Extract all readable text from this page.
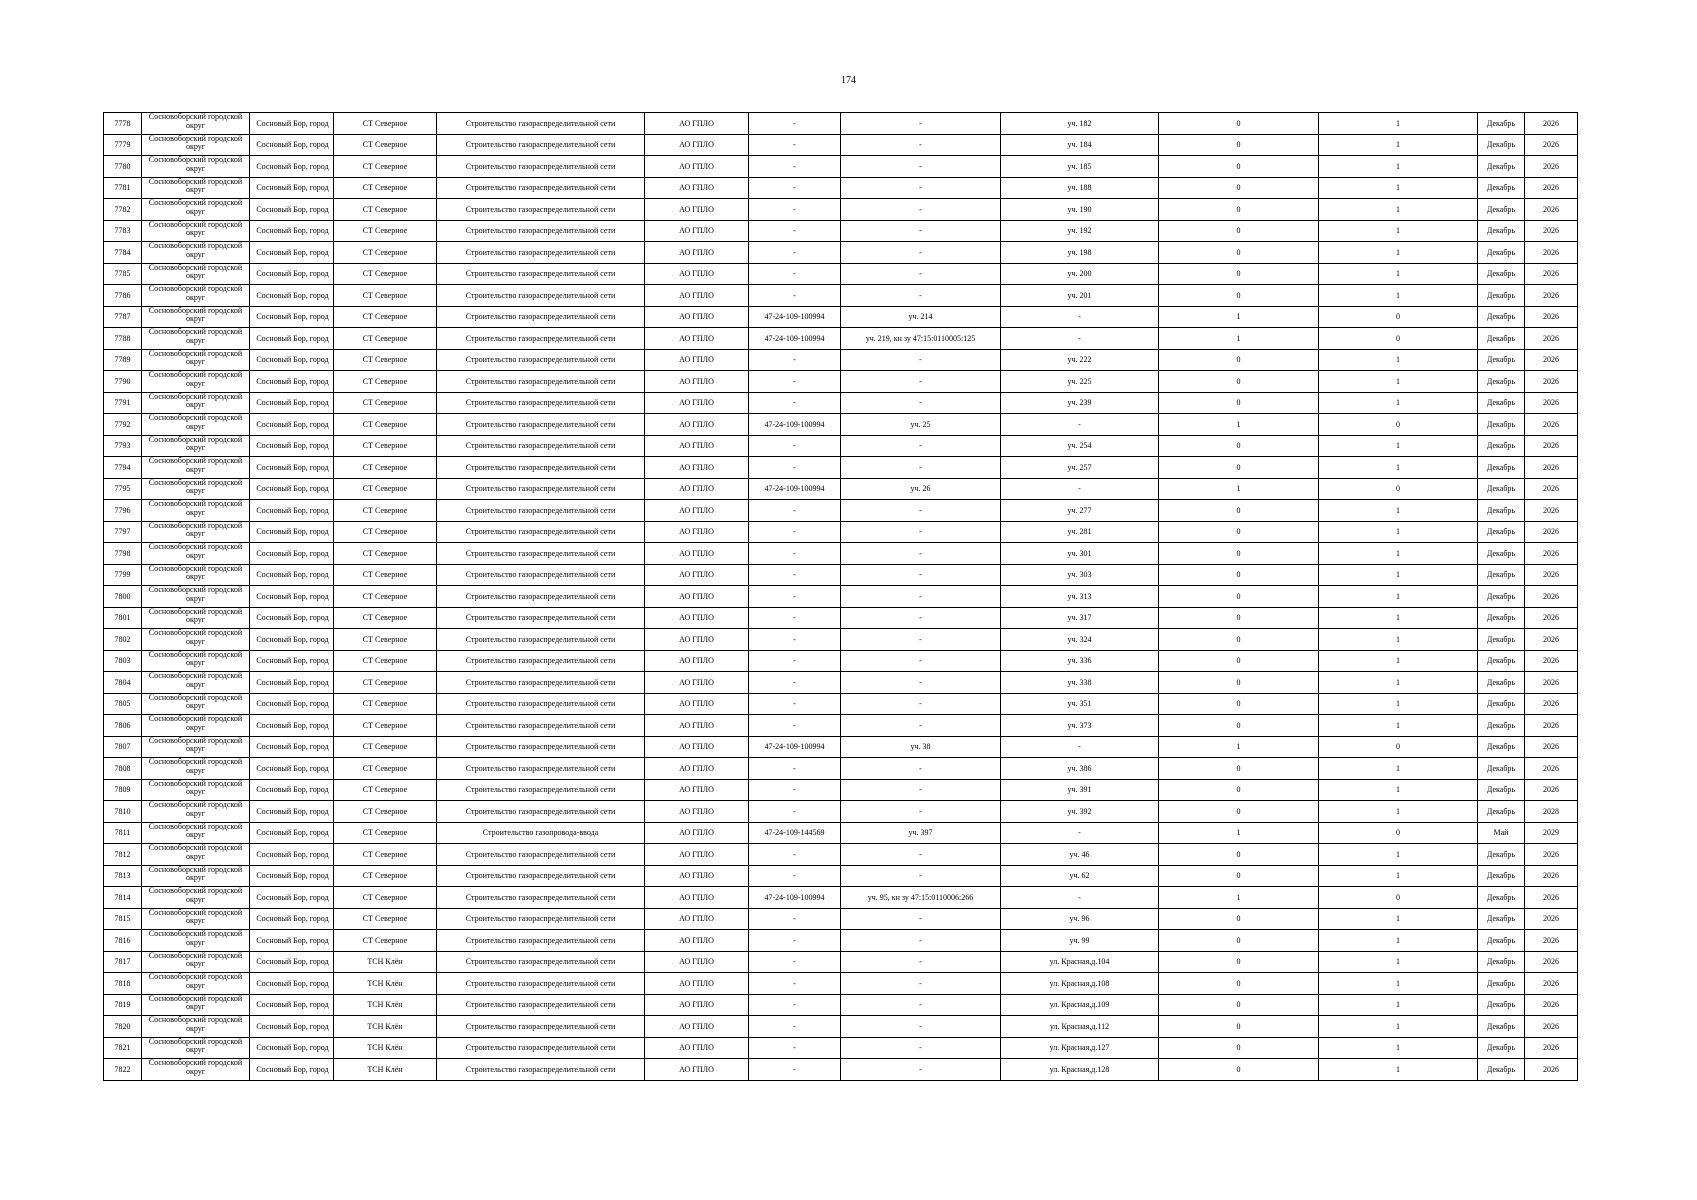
174
7778	Сосновоборский городской округ	Сосновый Бор, город	СТ Северное	Строительство газораспределительной сети	АО ГПЛО	-	-	уч. 182	0	1	Декабрь	2026
7779	Сосновоборский городской округ	Сосновый Бор, город	СТ Северное	Строительство газораспределительной сети	АО ГПЛО	-	-	уч. 184	0	1	Декабрь	2026
7780	Сосновоборский городской округ	Сосновый Бор, город	СТ Северное	Строительство газораспределительной сети	АО ГПЛО	-	-	уч. 185	0	1	Декабрь	2026
7781	Сосновоборский городской округ	Сосновый Бор, город	СТ Северное	Строительство газораспределительной сети	АО ГПЛО	-	-	уч. 188	0	1	Декабрь	2026
7782	Сосновоборский городской округ	Сосновый Бор, город	СТ Северное	Строительство газораспределительной сети	АО ГПЛО	-	-	уч. 190	0	1	Декабрь	2026
7783	Сосновоборский городской округ	Сосновый Бор, город	СТ Северное	Строительство газораспределительной сети	АО ГПЛО	-	-	уч. 192	0	1	Декабрь	2026
7784	Сосновоборский городской округ	Сосновый Бор, город	СТ Северное	Строительство газораспределительной сети	АО ГПЛО	-	-	уч. 198	0	1	Декабрь	2026
7785	Сосновоборский городской округ	Сосновый Бор, город	СТ Северное	Строительство газораспределительной сети	АО ГПЛО	-	-	уч. 200	0	1	Декабрь	2026
7786	Сосновоборский городской округ	Сосновый Бор, город	СТ Северное	Строительство газораспределительной сети	АО ГПЛО	-	-	уч. 201	0	1	Декабрь	2026
7787	Сосновоборский городской округ	Сосновый Бор, город	СТ Северное	Строительство газораспределительной сети	АО ГПЛО	47-24-109-100994	уч. 214	-	1	0	Декабрь	2026
7788	Сосновоборский городской округ	Сосновый Бор, город	СТ Северное	Строительство газораспределительной сети	АО ГПЛО	47-24-109-100994	уч. 219, кн зу 47:15:0110005:125	-	1	0	Декабрь	2026
7789	Сосновоборский городской округ	Сосновый Бор, город	СТ Северное	Строительство газораспределительной сети	АО ГПЛО	-	-	уч. 222	0	1	Декабрь	2026
7790	Сосновоборский городской округ	Сосновый Бор, город	СТ Северное	Строительство газораспределительной сети	АО ГПЛО	-	-	уч. 225	0	1	Декабрь	2026
7791	Сосновоборский городской округ	Сосновый Бор, город	СТ Северное	Строительство газораспределительной сети	АО ГПЛО	-	-	уч. 239	0	1	Декабрь	2026
7792	Сосновоборский городской округ	Сосновый Бор, город	СТ Северное	Строительство газораспределительной сети	АО ГПЛО	47-24-109-100994	уч. 25	-	1	0	Декабрь	2026
7793	Сосновоборский городской округ	Сосновый Бор, город	СТ Северное	Строительство газораспределительной сети	АО ГПЛО	-	-	уч. 254	0	1	Декабрь	2026
7794	Сосновоборский городской округ	Сосновый Бор, город	СТ Северное	Строительство газораспределительной сети	АО ГПЛО	-	-	уч. 257	0	1	Декабрь	2026
7795	Сосновоборский городской округ	Сосновый Бор, город	СТ Северное	Строительство газораспределительной сети	АО ГПЛО	47-24-109-100994	уч. 26	-	1	0	Декабрь	2026
7796	Сосновоборский городской округ	Сосновый Бор, город	СТ Северное	Строительство газораспределительной сети	АО ГПЛО	-	-	уч. 277	0	1	Декабрь	2026
7797	Сосновоборский городской округ	Сосновый Бор, город	СТ Северное	Строительство газораспределительной сети	АО ГПЛО	-	-	уч. 281	0	1	Декабрь	2026
7798	Сосновоборский городской округ	Сосновый Бор, город	СТ Северное	Строительство газораспределительной сети	АО ГПЛО	-	-	уч. 301	0	1	Декабрь	2026
7799	Сосновоборский городской округ	Сосновый Бор, город	СТ Северное	Строительство газораспределительной сети	АО ГПЛО	-	-	уч. 303	0	1	Декабрь	2026
7800	Сосновоборский городской округ	Сосновый Бор, город	СТ Северное	Строительство газораспределительной сети	АО ГПЛО	-	-	уч. 313	0	1	Декабрь	2026
7801	Сосновоборский городской округ	Сосновый Бор, город	СТ Северное	Строительство газораспределительной сети	АО ГПЛО	-	-	уч. 317	0	1	Декабрь	2026
7802	Сосновоборский городской округ	Сосновый Бор, город	СТ Северное	Строительство газораспределительной сети	АО ГПЛО	-	-	уч. 324	0	1	Декабрь	2026
7803	Сосновоборский городской округ	Сосновый Бор, город	СТ Северное	Строительство газораспределительной сети	АО ГПЛО	-	-	уч. 336	0	1	Декабрь	2026
7804	Сосновоборский городской округ	Сосновый Бор, город	СТ Северное	Строительство газораспределительной сети	АО ГПЛО	-	-	уч. 338	0	1	Декабрь	2026
7805	Сосновоборский городской округ	Сосновый Бор, город	СТ Северное	Строительство газораспределительной сети	АО ГПЛО	-	-	уч. 351	0	1	Декабрь	2026
7806	Сосновоборский городской округ	Сосновый Бор, город	СТ Северное	Строительство газораспределительной сети	АО ГПЛО	-	-	уч. 373	0	1	Декабрь	2026
7807	Сосновоборский городской округ	Сосновый Бор, город	СТ Северное	Строительство газораспределительной сети	АО ГПЛО	47-24-109-100994	уч. 38	-	1	0	Декабрь	2026
7808	Сосновоборский городской округ	Сосновый Бор, город	СТ Северное	Строительство газораспределительной сети	АО ГПЛО	-	-	уч. 386	0	1	Декабрь	2026
7809	Сосновоборский городской округ	Сосновый Бор, город	СТ Северное	Строительство газораспределительной сети	АО ГПЛО	-	-	уч. 391	0	1	Декабрь	2026
7810	Сосновоборский городской округ	Сосновый Бор, город	СТ Северное	Строительство газораспределительной сети	АО ГПЛО	-	-	уч. 392	0	1	Декабрь	2028
7811	Сосновоборский городской округ	Сосновый Бор, город	СТ Северное	Строительство газопровода-ввода	АО ГПЛО	47-24-109-144569	уч. 397	-	1	0	Май	2029
7812	Сосновоборский городской округ	Сосновый Бор, город	СТ Северное	Строительство газораспределительной сети	АО ГПЛО	-	-	уч. 46	0	1	Декабрь	2026
7813	Сосновоборский городской округ	Сосновый Бор, город	СТ Северное	Строительство газораспределительной сети	АО ГПЛО	-	-	уч. 62	0	1	Декабрь	2026
7814	Сосновоборский городской округ	Сосновый Бор, город	СТ Северное	Строительство газораспределительной сети	АО ГПЛО	47-24-109-100994	уч. 95, кн зу 47:15:0110006:266	-	1	0	Декабрь	2026
7815	Сосновоборский городской округ	Сосновый Бор, город	СТ Северное	Строительство газораспределительной сети	АО ГПЛО	-	-	уч. 96	0	1	Декабрь	2026
7816	Сосновоборский городской округ	Сосновый Бор, город	СТ Северное	Строительство газораспределительной сети	АО ГПЛО	-	-	уч. 99	0	1	Декабрь	2026
7817	Сосновоборский городской округ	Сосновый Бор, город	ТСН Клён	Строительство газораспределительной сети	АО ГПЛО	-	-	ул. Красная,д.104	0	1	Декабрь	2026
7818	Сосновоборский городской округ	Сосновый Бор, город	ТСН Клён	Строительство газораспределительной сети	АО ГПЛО	-	-	ул. Красная,д.108	0	1	Декабрь	2026
7819	Сосновоборский городской округ	Сосновый Бор, город	ТСН Клён	Строительство газораспределительной сети	АО ГПЛО	-	-	ул. Красная,д.109	0	1	Декабрь	2026
7820	Сосновоборский городской округ	Сосновый Бор, город	ТСН Клён	Строительство газораспределительной сети	АО ГПЛО	-	-	ул. Красная,д.112	0	1	Декабрь	2026
7821	Сосновоборский городской округ	Сосновый Бор, город	ТСН Клён	Строительство газораспределительной сети	АО ГПЛО	-	-	ул. Красная,д.127	0	1	Декабрь	2026
7822	Сосновоборский городской округ	Сосновый Бор, город	ТСН Клён	Строительство газораспределительной сети	АО ГПЛО	-	-	ул. Красная,д.128	0	1	Декабрь	2026
